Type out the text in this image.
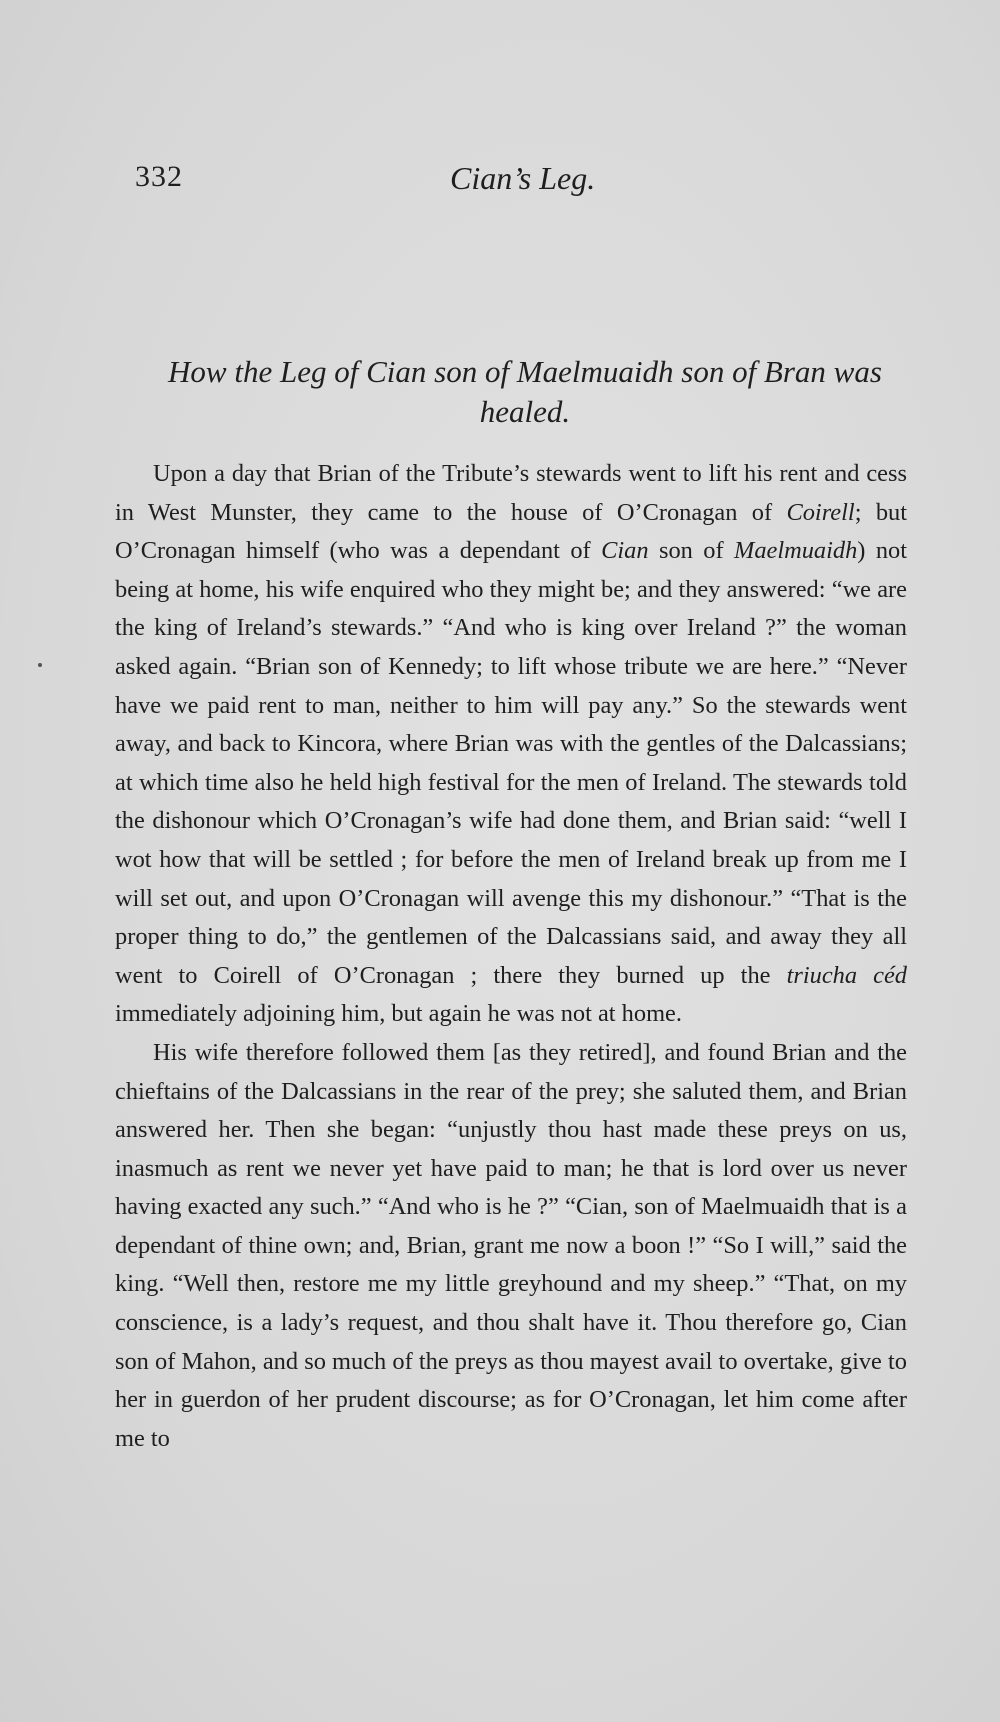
332	Cian’s Leg.
How the Leg of Cian son of Maelmuaidh son of Bran was healed.

Upon a day that Brian of the Tribute’s stewards went to lift his rent and cess in West Munster, they came to the house of O’Cronagan of Coirell; but O’Cronagan himself (who was a dependant of Cian son of Maelmuaidh) not being at home, his wife enquired who they might be; and they answered: “we are the king of Ireland’s stewards.” “And who is king over Ireland ?” the woman asked again. “Brian son of Kennedy; to lift whose tribute we are here.” “Never have we paid rent to man, neither to him will pay any.” So the stewards went away, and back to Kincora, where Brian was with the gentles of the Dalcassians; at which time also he held high festival for the men of Ireland. The stewards told the dishonour which O’Cronagan’s wife had done them, and Brian said: “well I wot how that will be settled ; for before the men of Ireland break up from me I will set out, and upon O’Cronagan will avenge this my dishonour.” “That is the proper thing to do,” the gentlemen of the Dalcassians said, and away they all went to Coirell of O’Cronagan ; there they burned up the triucha céd immediately adjoining him, but again he was not at home.

His wife therefore followed them [as they retired], and found Brian and the chieftains of the Dalcassians in the rear of the prey; she saluted them, and Brian answered her. Then she began: “unjustly thou hast made these preys on us, inasmuch as rent we never yet have paid to man; he that is lord over us never having exacted any such.” “And who is he ?” “Cian, son of Maelmuaidh that is a dependant of thine own; and, Brian, grant me now a boon !” “So I will,” said the king. “Well then, restore me my little greyhound and my sheep.” “That, on my conscience, is a lady’s request, and thou shalt have it. Thou therefore go, Cian son of Mahon, and so much of the preys as thou mayest avail to overtake, give to her in guerdon of her prudent discourse; as for O’Cronagan, let him come after me to
